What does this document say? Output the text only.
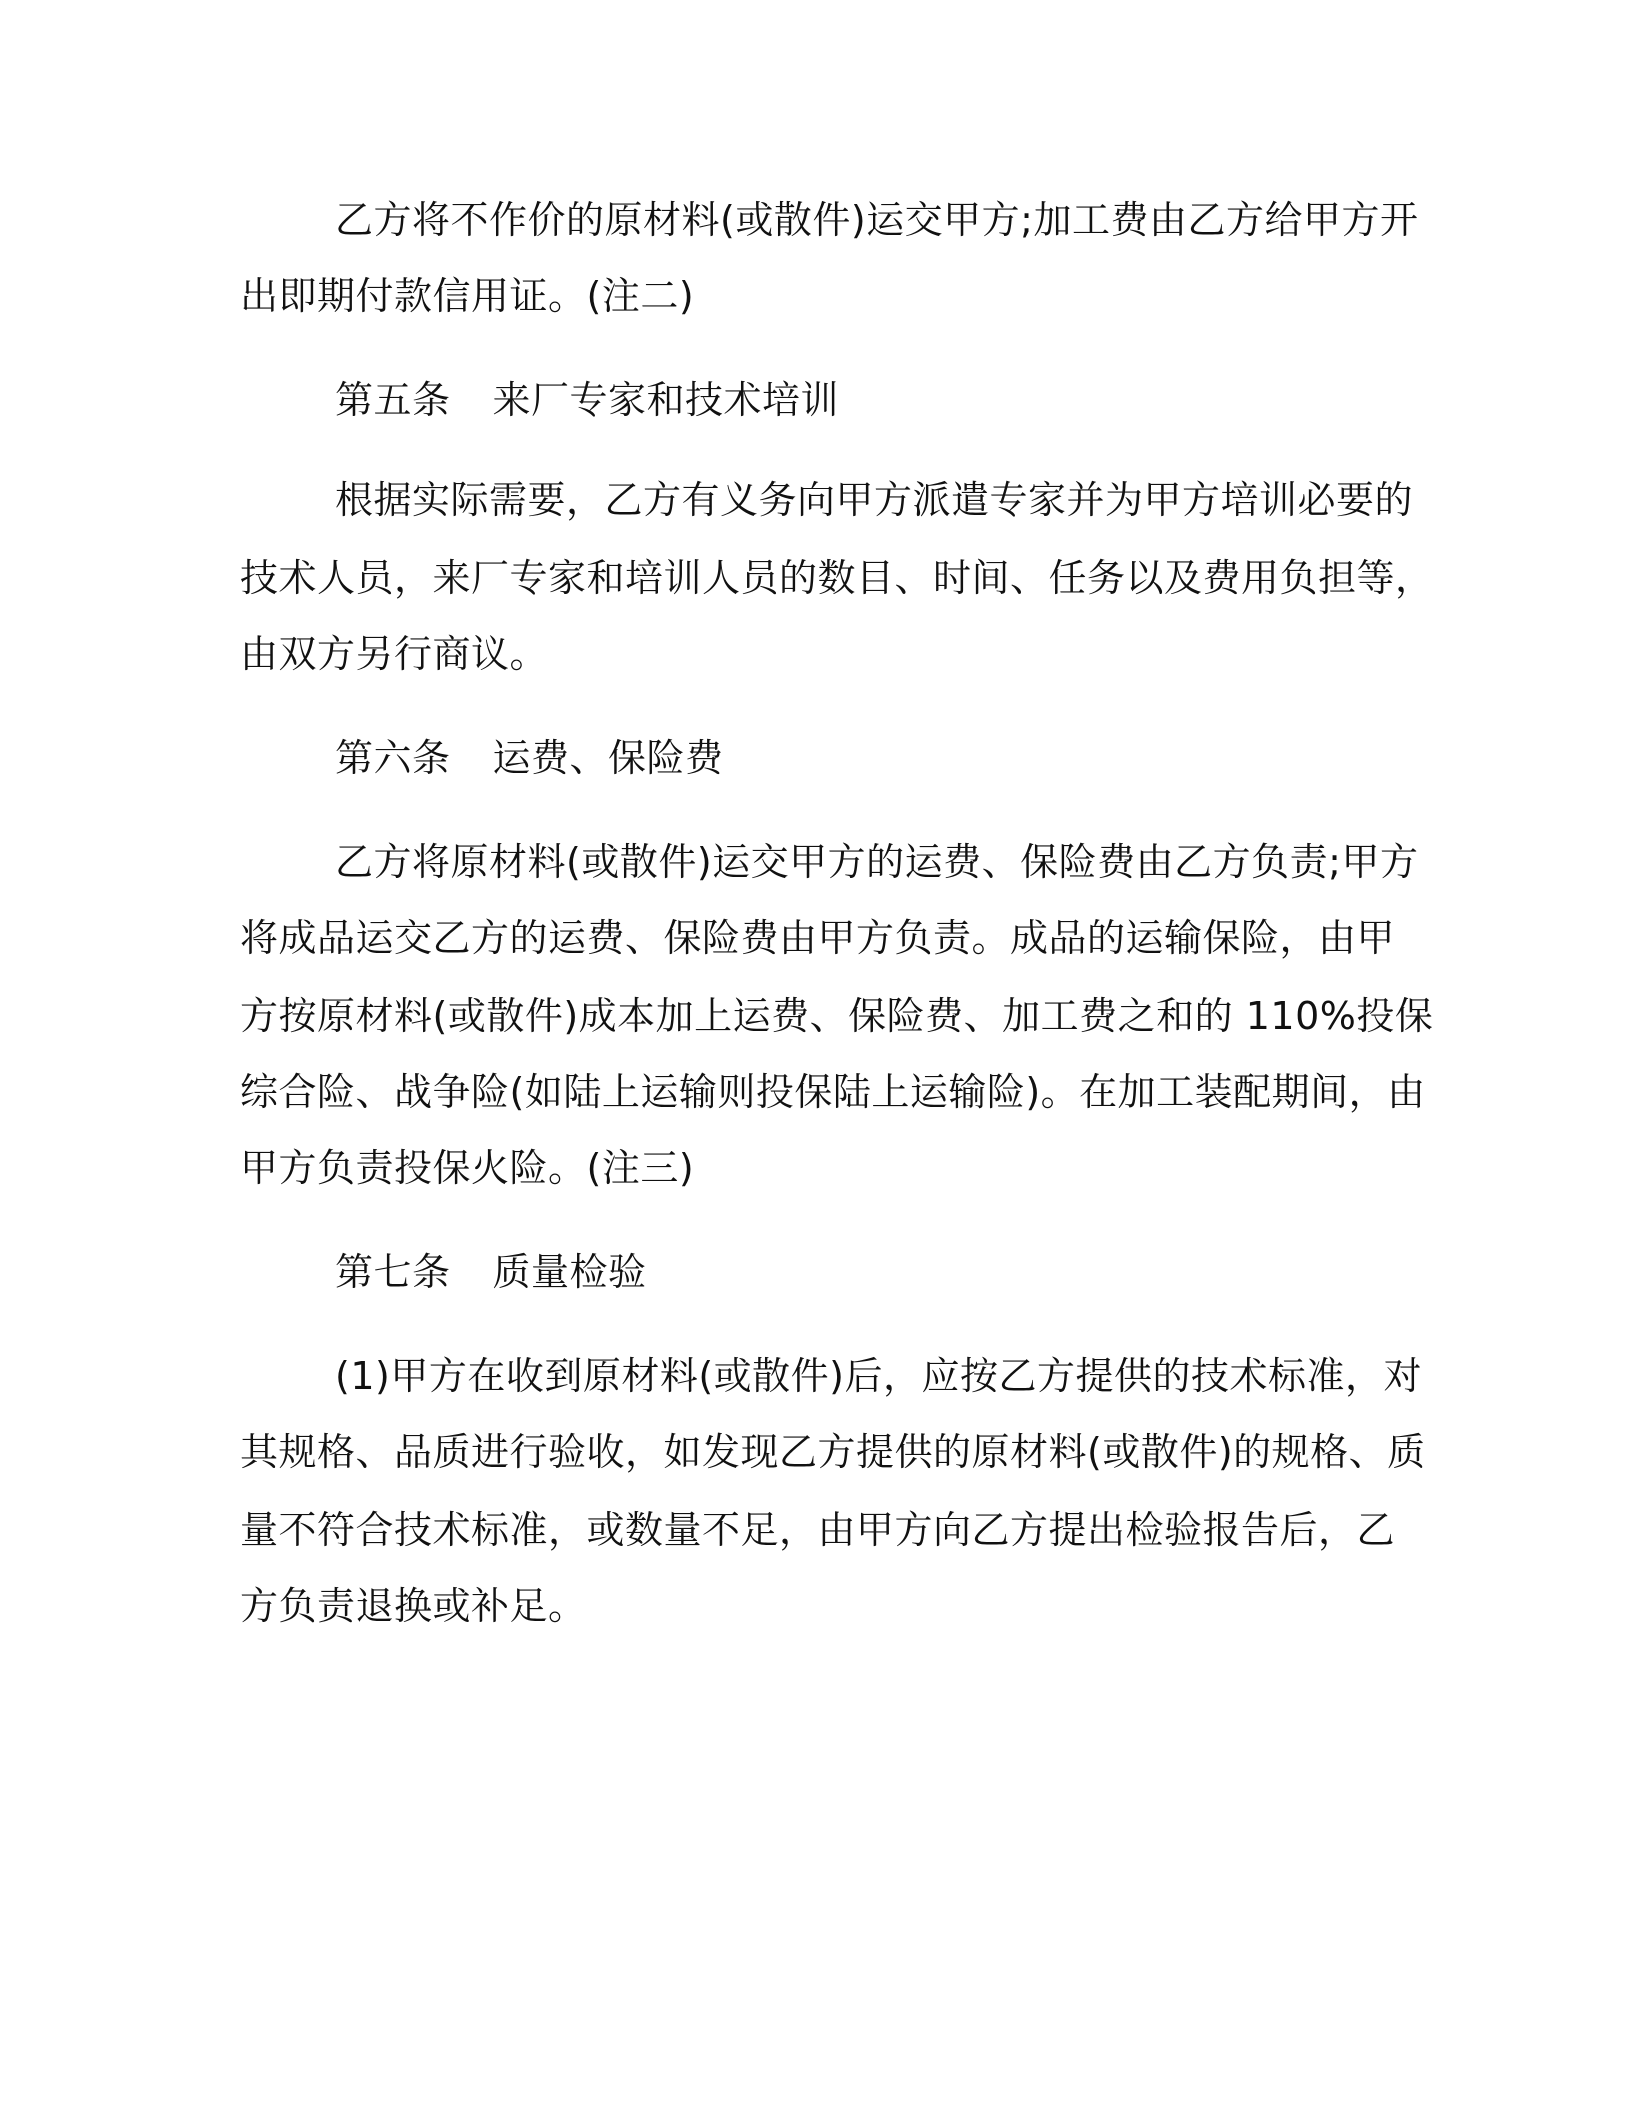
乙方将不作价的原材料(或散件)运交甲方;加工费由乙方给甲方开
出即期付款信用证。(注二)
第五条 来厂专家和技术培训
根据实际需要，乙方有义务向甲方派遣专家并为甲方培训必要的
技术人员，来厂专家和培训人员的数目、时间、任务以及费用负担等，
由双方另行商议。
第六条 运费、保险费
乙方将原材料(或散件)运交甲方的运费、保险费由乙方负责;甲方
将成品运交乙方的运费、保险费由甲方负责。成品的运输保险，由甲
方按原材料(或散件)成本加上运费、保险费、加工费之和的 110%投保
综合险、战争险(如陆上运输则投保陆上运输险)。在加工装配期间，由
甲方负责投保火险。(注三)
第七条 质量检验
(1)甲方在收到原材料(或散件)后，应按乙方提供的技术标准，对
其规格、品质进行验收，如发现乙方提供的原材料(或散件)的规格、质
量不符合技术标准，或数量不足，由甲方向乙方提出检验报告后，乙
方负责退换或补足。
